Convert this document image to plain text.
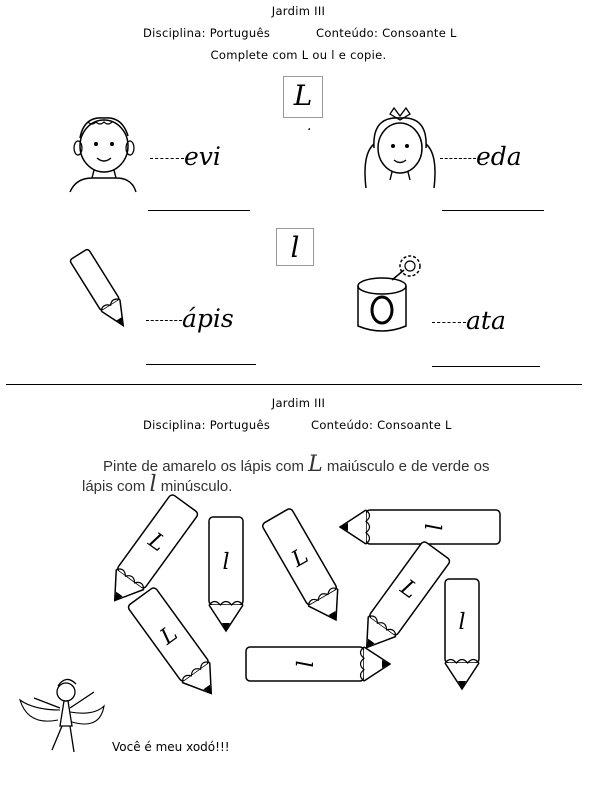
Jardim III
Disciplina: Português	Conteúdo: Consoante L
Complete com L ou l e copie.
L
.
evi	eda
l
ápis	ata
Jardim III
Disciplina: Português	Conteúdo: Consoante L
Pinte de amarelo os lápis com L maiúsculo e de verde os
lápis com l minúsculo.
L
l	L
l
L
L
l
l
Você é meu xodó!!!
